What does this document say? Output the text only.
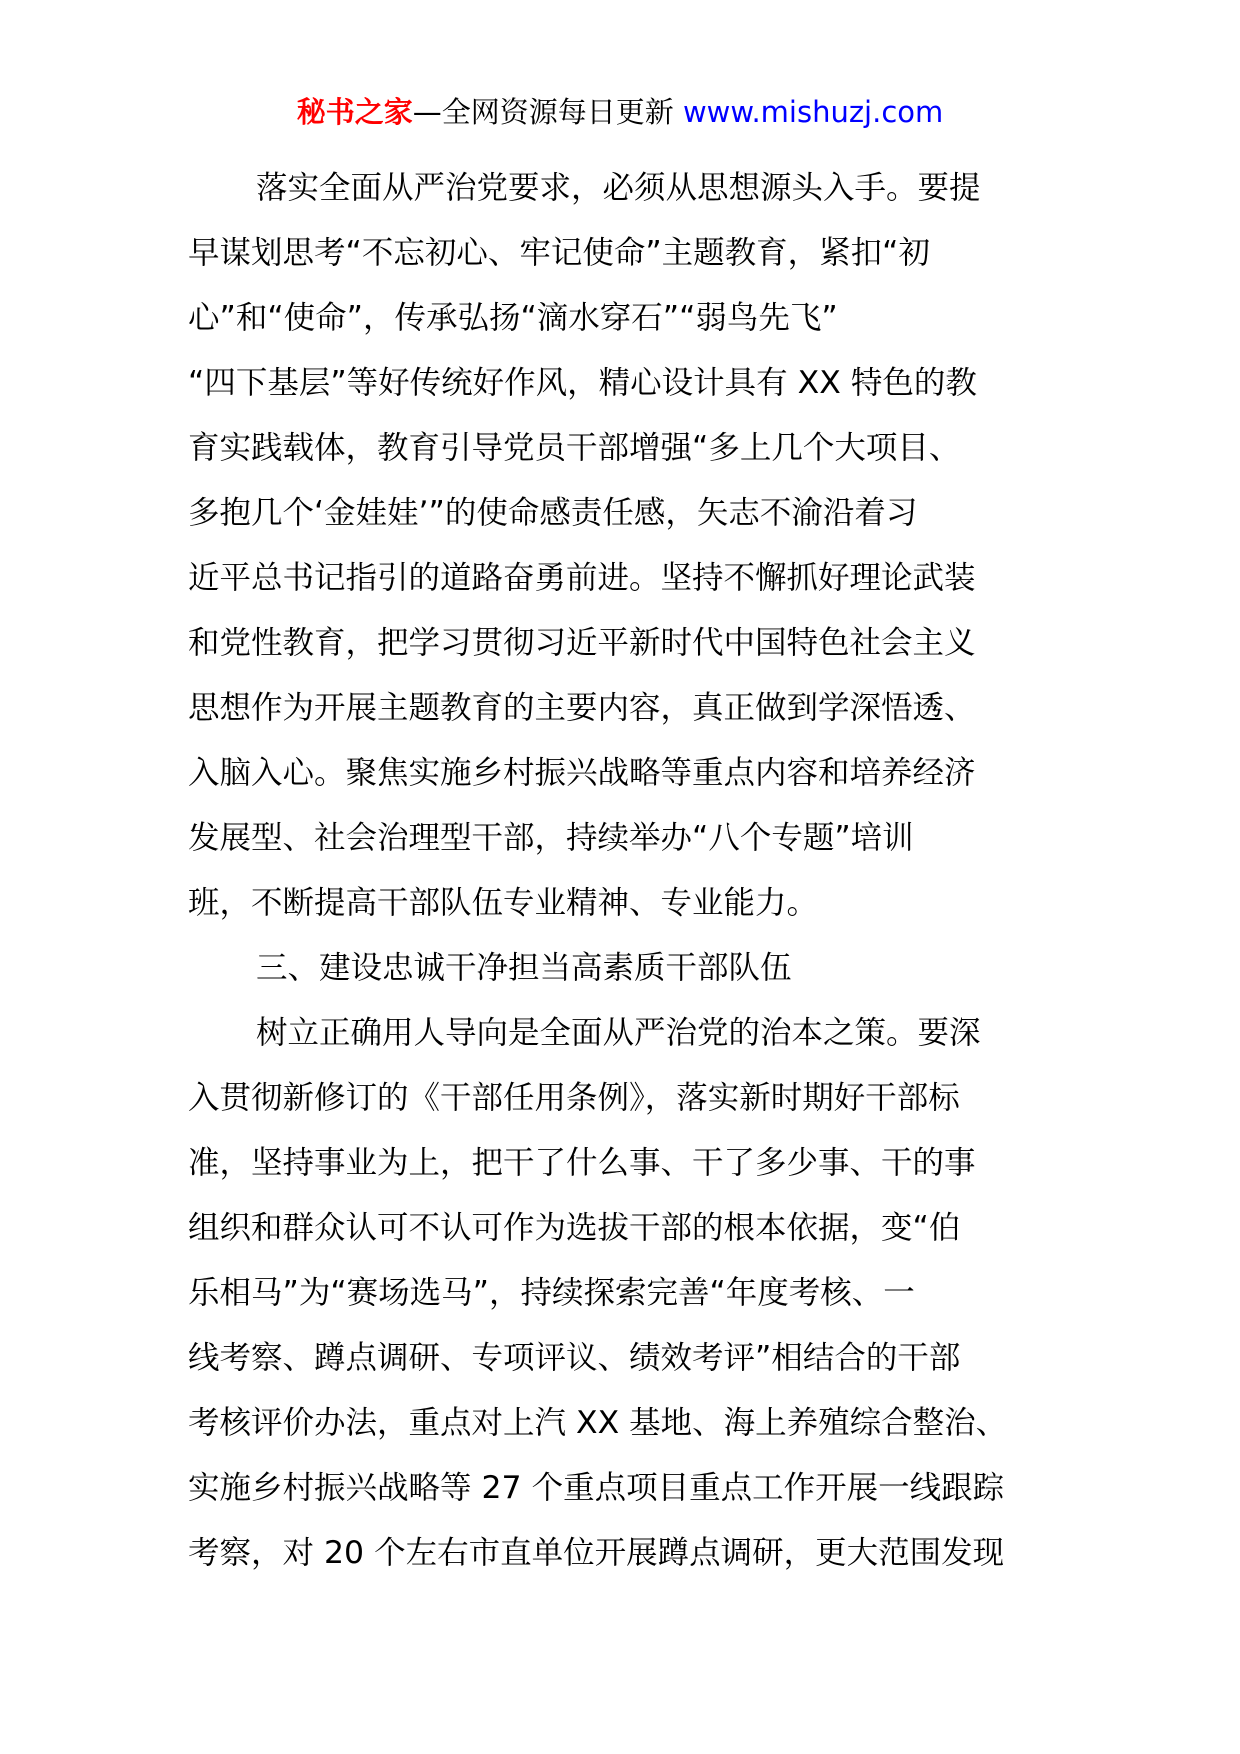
秘书之家—全网资源每日更新 www.mishuzj.com
落实全面从严治党要求，必须从思想源头入手。要提
早谋划思考“不忘初心、牢记使命”主题教育，紧扣“初
心”和“使命”，传承弘扬“滴水穿石”“弱鸟先飞”
“四下基层”等好传统好作风，精心设计具有 XX 特色的教
育实践载体，教育引导党员干部增强“多上几个大项目、
多抱几个‘金娃娃’”的使命感责任感，矢志不渝沿着习
近平总书记指引的道路奋勇前进。坚持不懈抓好理论武装
和党性教育，把学习贯彻习近平新时代中国特色社会主义
思想作为开展主题教育的主要内容，真正做到学深悟透、
入脑入心。聚焦实施乡村振兴战略等重点内容和培养经济
发展型、社会治理型干部，持续举办“八个专题”培训
班，不断提高干部队伍专业精神、专业能力。
三、建设忠诚干净担当高素质干部队伍
树立正确用人导向是全面从严治党的治本之策。要深
入贯彻新修订的《干部任用条例》，落实新时期好干部标
准，坚持事业为上，把干了什么事、干了多少事、干的事
组织和群众认可不认可作为选拔干部的根本依据，变“伯
乐相马”为“赛场选马”，持续探索完善“年度考核、一
线考察、蹲点调研、专项评议、绩效考评”相结合的干部
考核评价办法，重点对上汽 XX 基地、海上养殖综合整治、
实施乡村振兴战略等 27 个重点项目重点工作开展一线跟踪
考察，对 20 个左右市直单位开展蹲点调研，更大范围发现
